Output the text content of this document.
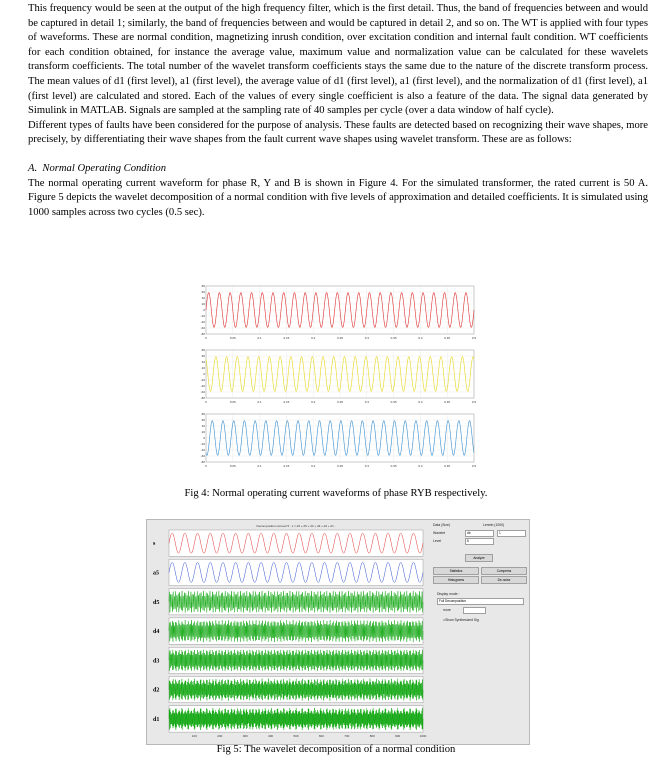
This frequency would be seen at the output of the high frequency filter, which is the first detail. Thus, the band of frequencies between and would be captured in detail 1; similarly, the band of frequencies between and would be captured in detail 2, and so on. The WT is applied with four types of waveforms. These are normal condition, magnetizing inrush condition, over excitation condition and internal fault condition. WT coefficients for each condition obtained, for instance the average value, maximum value and normalization value can be calculated for these wavelets transform coefficients. The total number of the wavelet transform coefficients stays the same due to the nature of the discrete transform process. The mean values of d1 (first level), a1 (first level), the average value of d1 (first level), a1 (first level), and the normalization of d1 (first level), a1 (first level) are calculated and stored. Each of the values of every single coefficient is also a feature of the data. The signal data generated by Simulink in MATLAB. Signals are sampled at the sampling rate of 40 samples per cycle (over a data window of half cycle).

Different types of faults have been considered for the purpose of analysis. These faults are detected based on recognizing their wave shapes, more precisely, by differentiating their wave shapes from the fault current wave shapes using wavelet transform. These are as follows:

A. Normal Operating Condition

The normal operating current waveform for phase R, Y and B is shown in Figure 4. For the simulated transformer, the rated current is 50 A. Figure 5 depicts the wavelet decomposition of a normal condition with five levels of approximation and detailed coefficients. It is simulated using 1000 samples across two cycles (0.5 sec).

80
60
40
20
0
-20
-40
-60
-80
0	0.05	0.1	0.15	0.2	0.25	0.3	0.35	0.4	0.45	0.5
80
60
40
20
0
-20
-40
-60
-80
0	0.05	0.1	0.15	0.2	0.25	0.3	0.35	0.4	0.45	0.5
80
60
40
20
0
-20
-40
-60
-80
0	0.05	0.1	0.15	0.2	0.25	0.3	0.35	0.4	0.45	0.5
Fig 4: Normal operating current waveforms of phase RYB respectively.
Decomposition at level 5 : s = a5 + d5 + d4 + d3 + d2 + d1 .
s
a5
d5
d4
d3
d2
d1
100	200	300	400	500	600	700	800	900	1000
Data (Size)	Lenmb (1000)
Wavelet	db	1
Level	5
Analyze
Statistics	Compress
Histograms	De-noise
Display mode :
Full Decomposition
more
□Show Synthesized Sig
Fig 5: The wavelet decomposition of a normal condition
